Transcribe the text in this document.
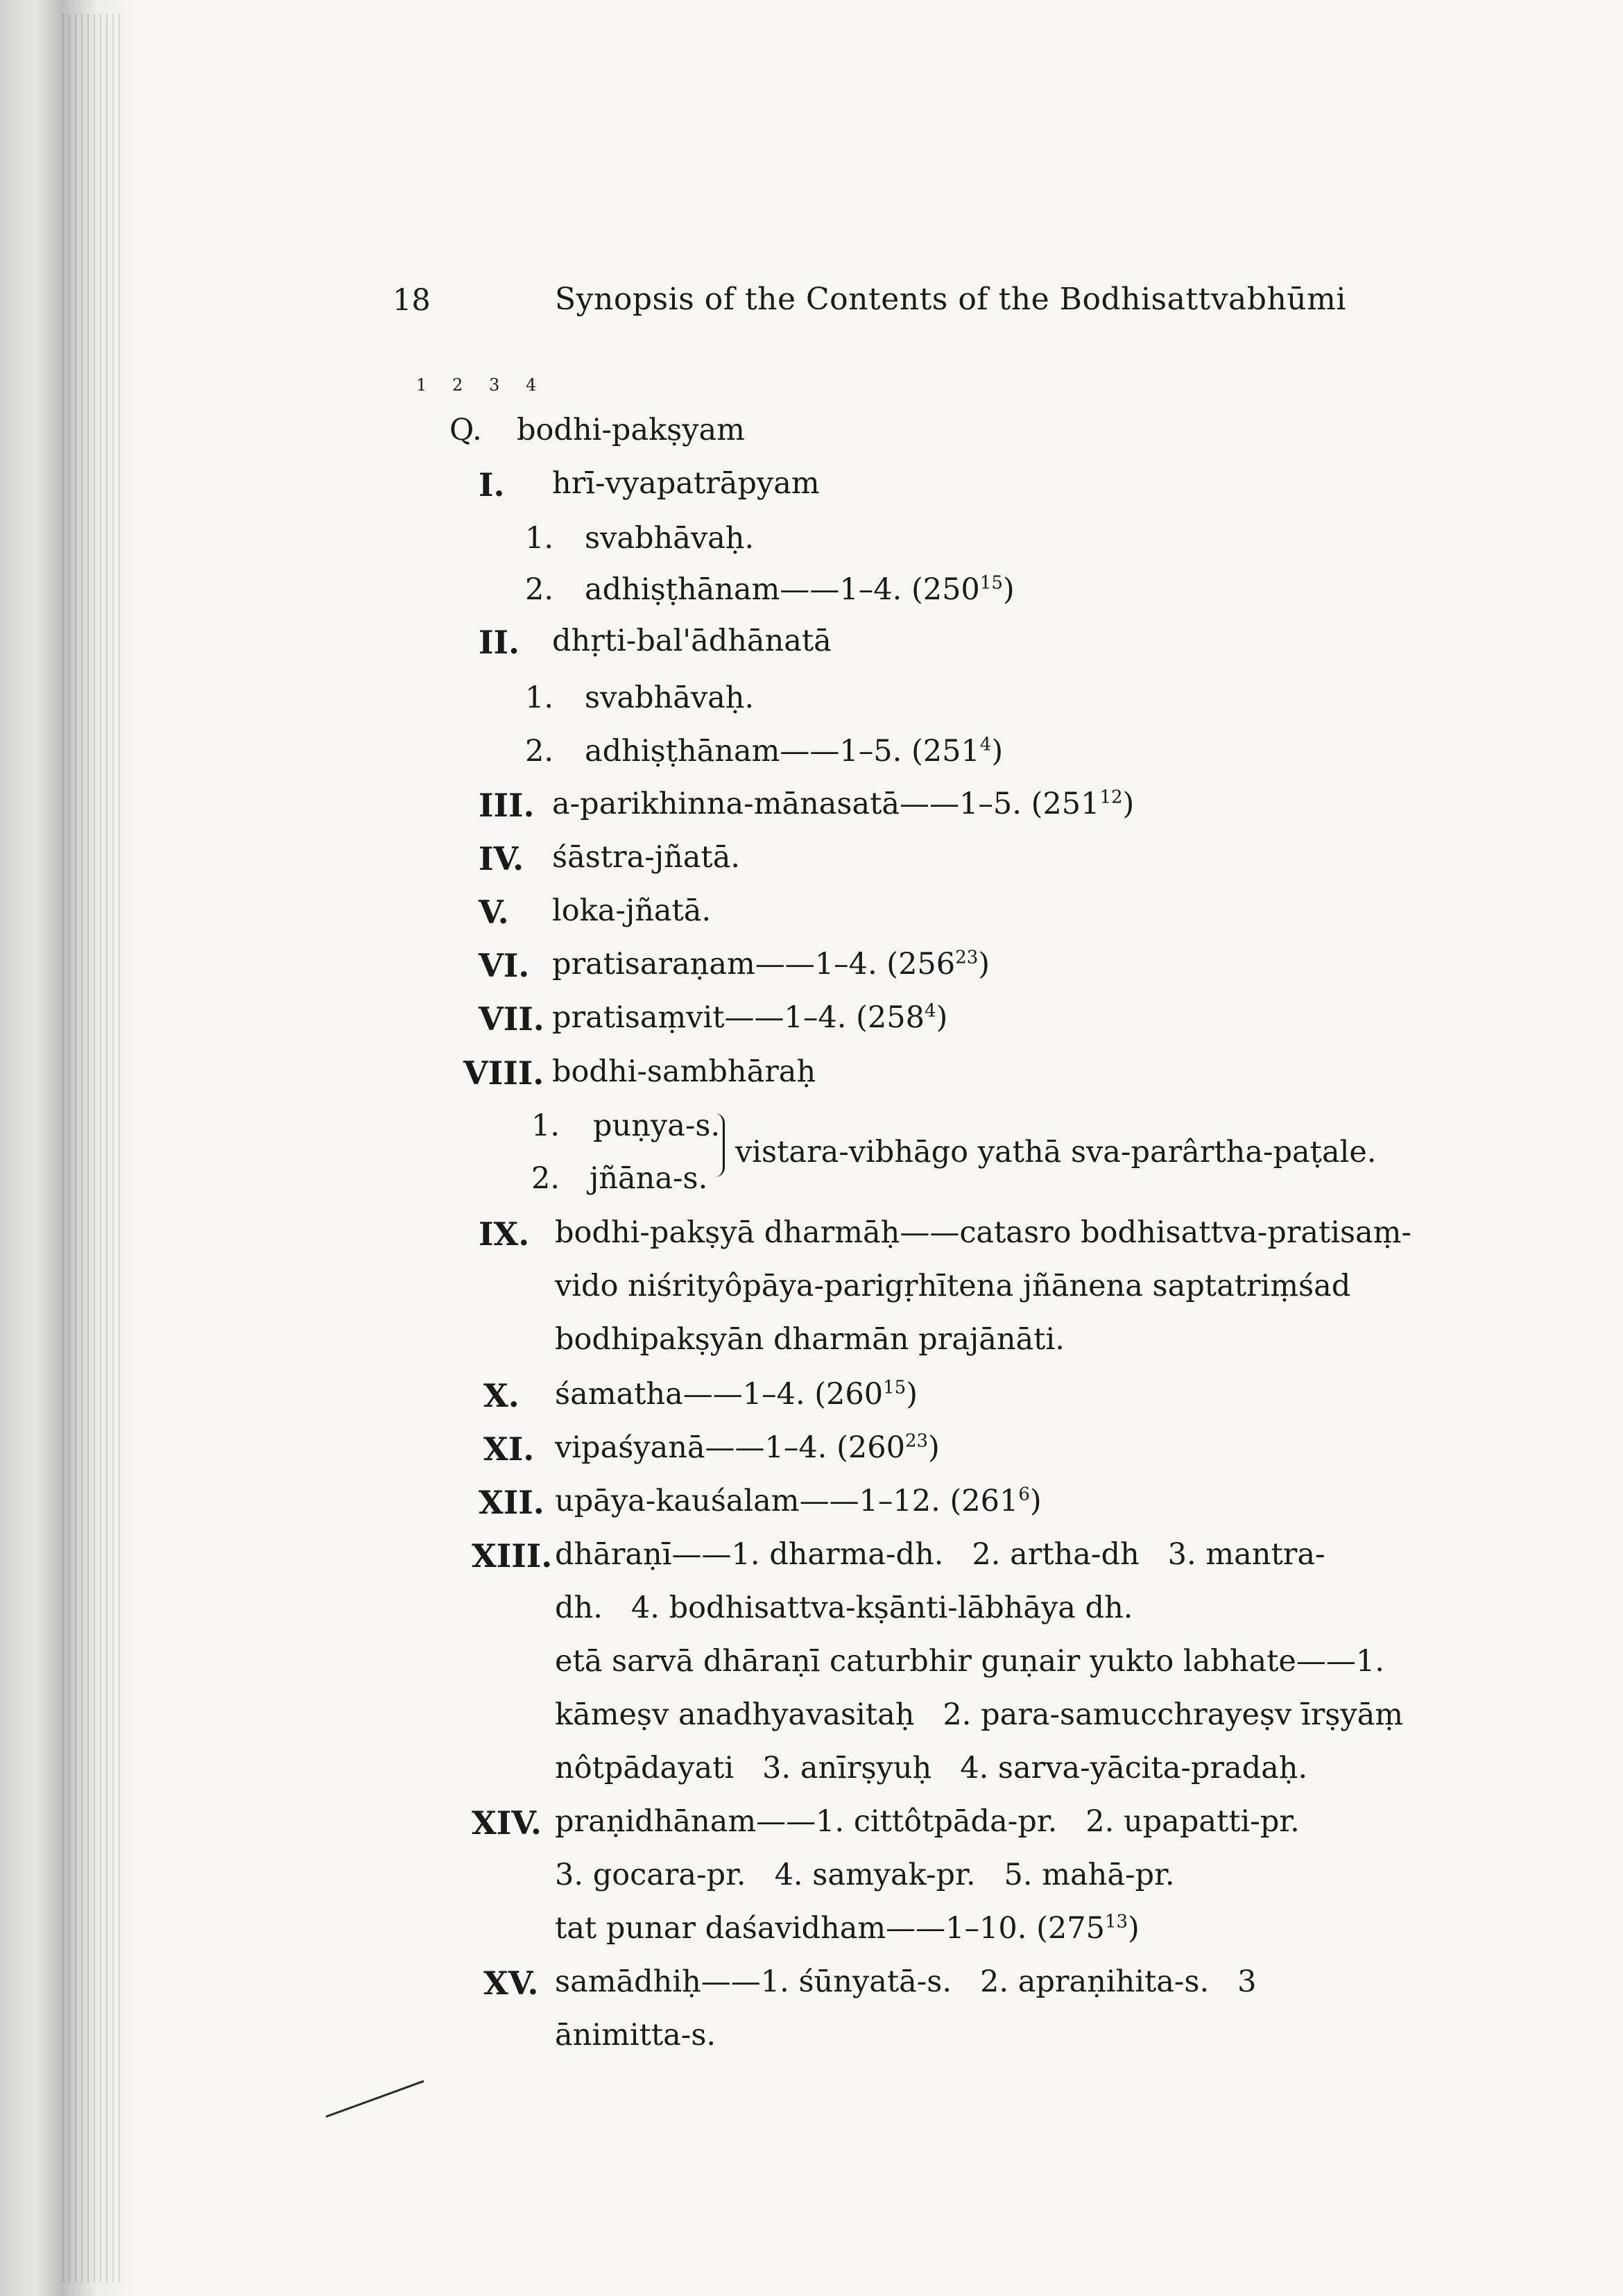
18	Synopsis of the Contents of the Bodhisattvabhūmi
1 2 3 4
Q. bodhi-pakṣyam
I. hrī-vyapatrāpyam
1. svabhāvaḥ.
2. adhiṣṭhānam——1–4. $(250^{15})$
II. dhṛti-bal'ādhānatā
1. svabhāvaḥ.
2. adhiṣṭhānam——1–5. $(251^4)$
III. a-parikhinna-mānasatā——1–5. $(251^{12})$
IV. śāstra-jñatā.
V. loka-jñatā.
VI. pratisaraṇam——1–4. $(256^{23})$
VII. pratisaṃvit——1–4. $(258^4)$
VIII. bodhi-sambhāraḥ
1. puṇya-s.
2. jñāna-s.
vistara-vibhāgo yathā sva-parârtha-paṭale.
IX. bodhi-pakṣyā dharmāḥ——catasro bodhisattva-pratisaṃ-
vido niśrityôpāya-parigṛhītena jñānena saptatriṃśad
bodhipakṣyān dharmān prajānāti.
X. śamatha——1–4. $(260^{15})$
XI. vipaśyanā——1–4. $(260^{23})$
XII. upāya-kauśalam——1–12. $(261^6)$
XIII. dhāraṇī——1. dharma-dh.   2. artha-dh   3. mantra-
dh.   4. bodhisattva-kṣānti-lābhāya dh.
etā sarvā dhāraṇī caturbhir guṇair yukto labhate——1.
kāmeṣv anadhyavasitaḥ   2. para-samucchrayeṣv īrṣyāṃ
nôtpādayati   3. anīrṣyuḥ   4. sarva-yācita-pradaḥ.
XIV. praṇidhānam——1. cittôtpāda-pr.   2. upapatti-pr.
3. gocara-pr.   4. samyak-pr.   5. mahā-pr.
tat punar daśavidham——1–10. $(275^{13})$
XV. samādhiḥ——1. śūnyatā-s.   2. apraṇihita-s.   3
ānimitta-s.
